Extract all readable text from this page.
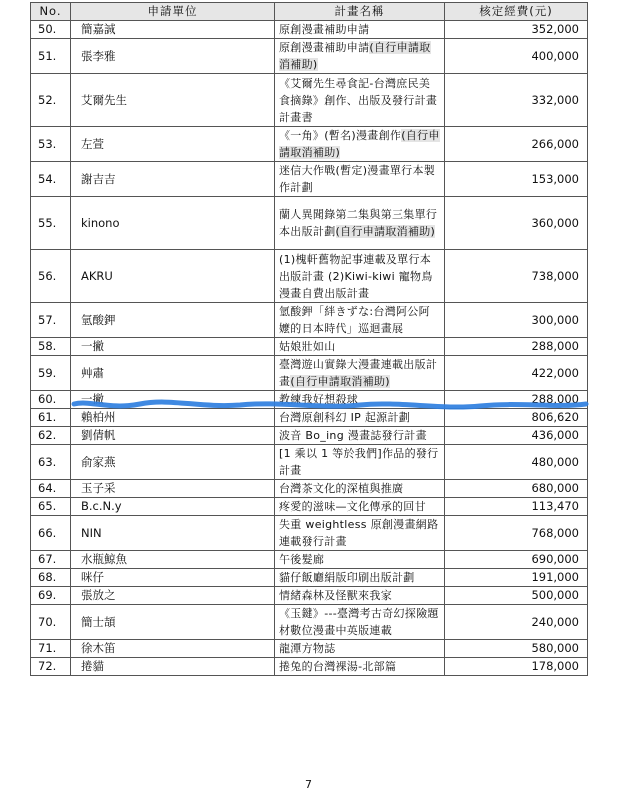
No.	申請單位	計畫名稱	核定經費(元)
50.	簡嘉誠	原創漫畫補助申請	352,000
51.	張李雅	原創漫畫補助申請(自行申請取消補助)	400,000
52.	艾爾先生	《艾爾先生尋食記-台灣庶民美食摘錄》創作、出版及發行計畫 計畫書	332,000
53.	左萱	《一角》(暫名)漫畫創作(自行申請取消補助)	266,000
54.	謝吉吉	迷信大作戰(暫定)漫畫單行本製作計劃	153,000
55.	kinono	蘭人異聞錄第二集與第三集單行本出版計劃(自行申請取消補助)	360,000
56.	AKRU	(1)槐軒舊物記事連載及單行本出版計畫 (2)Kiwi-kiwi 寵物鳥漫畫自費出版計畫	738,000
57.	氫酸鉀	氫酸鉀「絆きずな:台灣阿公阿嬤的日本時代」巡迴畫展	300,000
58.	一撇	姑娘壯如山	288,000
59.	艸肅	臺灣遊山實錄大漫畫連載出版計畫(自行申請取消補助)	422,000
60.	一撇	教練我好想殺球	288,000
61.	賴柏州	台灣原創科幻 IP 起源計劃	806,620
62.	劉倩帆	波音 Bo_ing 漫畫誌發行計畫	436,000
63.	俞家燕	[1 乘以 1 等於我們]作品的發行計畫	480,000
64.	玉子采	台灣茶文化的深植與推廣	680,000
65.	B.c.N.y	疼愛的滋味—文化傳承的回甘	113,470
66.	NIN	失重 weightless 原創漫畫網路連載發行計畫	768,000
67.	水瓶鯨魚	午後髮廊	690,000
68.	咪仔	貓仔飯廳絹版印刷出版計劃	191,000
69.	張放之	情緒森林及怪獸來我家	500,000
70.	簡士頡	《玉鍵》---臺灣考古奇幻探險題材數位漫畫中英版連載	240,000
71.	徐木笛	龍潭方物誌	580,000
72.	捲貓	捲兔的台灣裸湯-北部篇	178,000
7
